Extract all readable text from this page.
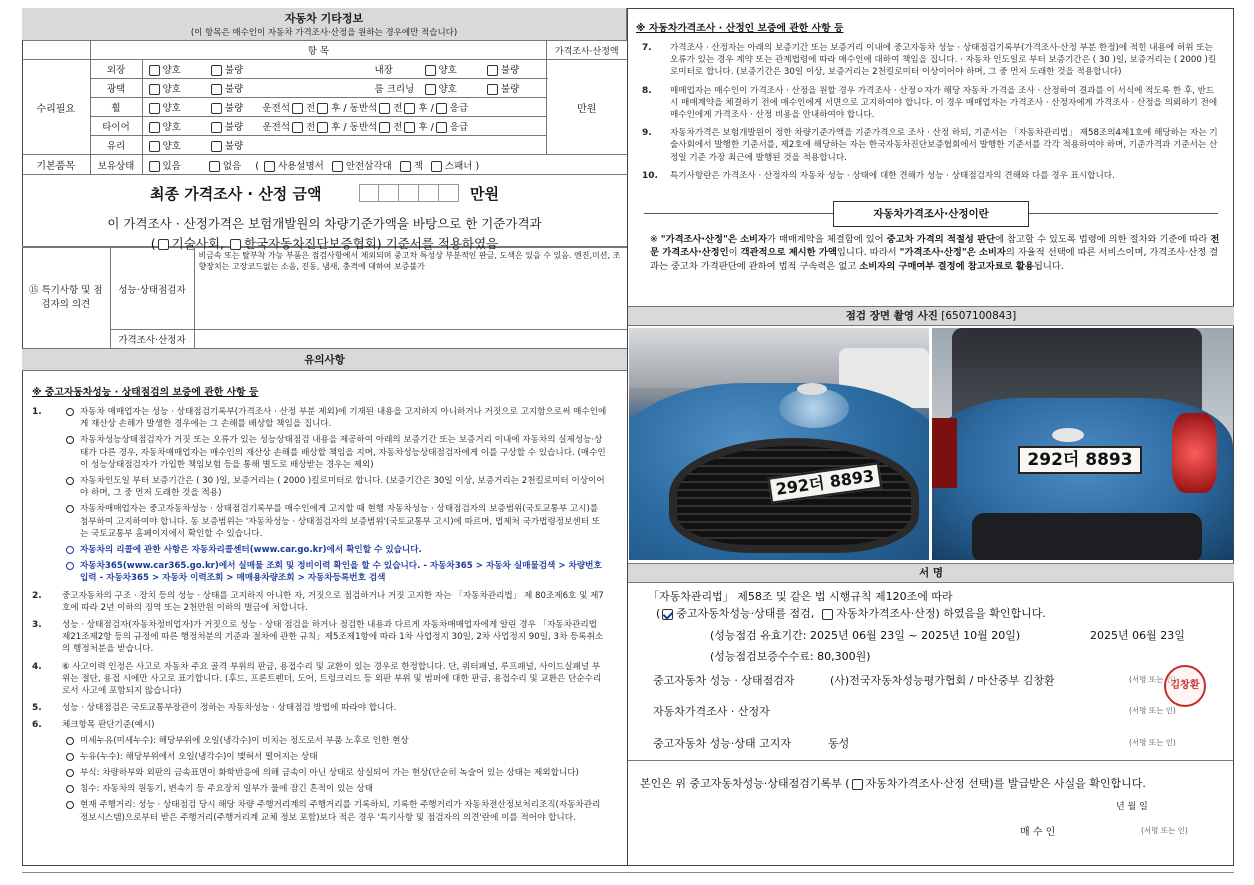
자동차 기타정보
(이 항목은 매수인이 자동차 가격조사·산정을 원하는 경우에만 적습니다)			

	항 목		가격조사·산정액
수리필요	외장	양호 불량 내장 양호 불량	만원
	광택	양호 불량 룸 크리닝 양호 불량	
	휠	양호 불량 운전석 전 후 / 동반석 전 후 / 응급	
	타이어	양호 불량 운전석 전 후 / 동반석 전 후 / 응급	
	유리	양호 불량	
기본품목	보유상태	있음 없음 ( 사용설명서 안전삼각대 잭 스패너 )	
최종 가격조사 · 산정 금액	만원
이 가격조사 · 산정가격은 보험개발원의 차량기준가액을 바탕으로 한 기준가격과
( 기술사회, 한국자동차진단보증협회) 기준서를 적용하였음
⑮ 특기사항 및 점검자의 의견	성능·상태점검자	비금속 또는 탈부착 가능 부품은 점검사항에서 제외되며 중고차 특성상 부분적인 판금, 도색은 있을 수 있음. 엔진,미션, 조향장치는 고장코드없는 소음, 진동, 냄새, 충격에 대하여 보증불가
	가격조사·산정자	
유의사항		
※ 중고자동차성능 · 상태점검의 보증에 관한 사항 등
1.	자동차 매매업자는 성능 · 상태점검기록부(가격조사 · 산정 부분 제외)에 기재된 내용을 고지하지 아니하거나 거짓으로 고지함으로써 매수인에게 재산상 손해가 발생한 경우에는 그 손해를 배상할 책임을 집니다.
자동차성능상태점검자가 거짓 또는 오류가 있는 성능상태점검 내용을 제공하여 아래의 보증기간 또는 보증거리 이내에 자동차의 실제성능·상태가 다른 경우, 자동차매매업자는 매수인의 재산상 손해를 배상할 책임을 지며, 자동차성능상태점검자에게 이를 구상할 수 있습니다. (매수인이 성능상태점검자가 가입한 책임보험 등을 통해 별도로 배상받는 경우는 제외)
자동차인도일 부터 보증기간은 ( 30 )일, 보증거리는 ( 2000 )킬로미터로 합니다. (보증기간은 30일 이상, 보증거리는 2천킬로미터 이상이어야 하며, 그 중 먼저 도래한 것을 적용)
자동차매매업자는 중고자동차성능 · 상태점검기록부를 매수인에게 고지할 때 현행 자동차성능 · 상태점검자의 보증범위(국토교통부 고시)를 첨부하여 고지하여야 합니다. 동 보증범위는 '자동차성능 · 상태점검자의 보증범위'(국토교통부 고시)에 따르며, 법제처 국가법령정보센터 또는 국토교통부 홈페이지에서 확인할 수 있습니다.
자동차의 리콜에 관한 사항은 자동차리콜센터(www.car.go.kr)에서 확인할 수 있습니다.
자동차365(www.car365.go.kr)에서 실매물 조회 및 정비이력 확인을 할 수 있습니다. - 자동차365 > 자동차 실매물검색 > 차량번호 입력 - 자동차365 > 자동차 이력조회 > 매매용차량조회 > 자동차등록번호 검색
2. 중고자동차의 구조 · 장치 등의 성능 · 상태를 고지하지 아니한 자, 거짓으로 점검하거나 거짓 고지한 자는 「자동차관리법」 제 80조제6호 및 제7호에 따라 2년 이하의 징역 또는 2천만원 이하의 벌금에 처합니다.
3. 성능 · 상태점검자(자동차정비업자)가 거짓으로 성능 · 상태 점검을 하거나 점검한 내용과 다르게 자동차매매업자에게 알린 경우 「자동차관리법 제21조제2항 등의 규정에 따른 행정처분의 기준과 절차에 관한 규칙」제5조제1항에 따라 1차 사업정지 30일, 2차 사업정지 90일, 3차 등록취소의 행정처분을 받습니다.
4. ⑥ 사고이력 인정은 사고로 자동차 주요 골격 부위의 판금, 용접수리 및 교환이 있는 경우로 한정합니다. 단, 쿼터패널, 루프패널, 사이드실패널 부위는 절단, 용접 시에만 사고로 표기합니다. (후드, 프론트펜더, 도어, 트렁크리드 등 외판 부위 및 범퍼에 대한 판금, 용접수리 및 교환은 단순수리로서 사고에 포함되지 않습니다)
5. 성능 · 상태점검은 국토교통부장관이 정하는 자동차성능 · 상태점검 방법에 따라야 합니다.
6. 체크항목 판단기준(예시)
미세누유(미세누수): 해당부위에 오일(냉각수)이 비치는 정도로서 부품 노후로 인한 현상
누유(누수): 해당부위에서 오일(냉각수)이 맺혀서 떨어지는 상태
부식: 차량하부와 외판의 금속표면이 화학반응에 의해 금속이 아닌 상태로 상실되어 가는 현상(단순히 녹슬어 있는 상태는 제외합니다)
침수: 자동차의 원동기, 변속기 등 주요장치 일부가 물에 잠긴 흔적이 있는 상태
현재 주행거리: 성능 · 상태점검 당시 해당 차량 주행거리계의 주행거리를 기록하되, 기록한 주행거리가 자동차전산정보처리조직(자동차관리정보시스템)으로부터 받은 주행거리(주행거리계 교체 정보 포함)보다 적은 경우 '특기사항 및 점검자의 의견'란에 이를 적어야 합니다.
※ 자동차가격조사 · 산정인 보증에 관한 사항 등
7. 가격조사 · 산정자는 아래의 보증기간 또는 보증거리 이내에 중고자동차 성능 · 상태점검기록부(가격조사·산정 부분 한정)에 적힌 내용에 허위 또는 오류가 있는 경우 계약 또는 관계법령에 따라 매수인에 대하여 책임을 집니다. · 자동차 인도일로 부터 보증기간은 ( 30 )일, 보증거리는 ( 2000 )킬로미터로 합니다. (보증기간은 30일 이상, 보증거리는 2천킬로미터 이상이어야 하며, 그 중 먼저 도래한 것을 적용합니다)
8. 매매업자는 매수인이 가격조사 · 산정을 원할 경우 가격조사 · 산정ㅇ자가 해당 자동차 가격을 조사 · 산정하여 결과를 이 서식에 적도록 한 후, 반드시 매매계약을 체결하기 전에 매수인에게 서면으로 고지하여야 합니다. 이 경우 매매업자는 가격조사 · 산정자에게 가격조사 · 산정을 의뢰하기 전에 매수인에게 가격조사 · 산정 비용을 안내하여야 합니다.
9. 자동차가격은 보험개발원이 정한 차량기준가액을 기준가격으로 조사 · 산정 하되, 기준서는 「자동차관리법」 제58조의4제1호에 해당하는 자는 기술사회에서 발행한 기준서를, 제2호에 해당하는 자는 한국자동차진단보증협회에서 발행한 기준서를 각각 적용하여야 하며, 기준가격과 기준서는 산정일 기준 가장 최근에 발행된 것을 적용합니다.
10. 특기사항란은 가격조사 · 산정자의 자동차 성능 · 상태에 대한 견해가 성능 · 상태점검자의 견해와 다를 경우 표시합니다.
자동차가격조사·산정이란
※ "가격조사·산정"은 소비자가 매매계약을 체결함에 있어 중고차 가격의 적절성 판단에 참고할 수 있도록 법령에 의한 절차와 기준에 따라 전문 가격조사·산정인이 객관적으로 제시한 가액입니다. 따라서 "가격조사·산정"은 소비자의 자율적 선택에 따른 서비스이며, 가격조사·산정 결과는 중고차 가격판단에 관하여 법적 구속력은 없고 소비자의 구매여부 결정에 참고자료로 활용됩니다.
점검 장면 촬영 사진 [6507100843]
292더 8893
292더 8893
서 명
「자동차관리법」 제58조 및 같은 법 시행규칙 제120조에 따라
( 중고자동차성능·상태를 점검, 자동차가격조사·산정) 하였음을 확인합니다.
(성능점검 유효기간: 2025년 06월 23일 ~ 2025년 10월 20일)	2025년 06월 23일
(성능점검보증수수료: 80,300원)
중고자동차 성능 · 상태점검자	(사)전국자동차성능평가협회 / 마산중부 김창환	(서명 또는 인)
김창환
자동차가격조사 · 산정자	(서명 또는 인)
중고자동차 성능·상태 고지자	동성	(서명 또는 인)
본인은 위 중고자동차성능·상태점검기록부 ( 자동차가격조사·산정 선택)를 발급받은 사실을 확인합니다.
년 월 일
매 수 인	(서명 또는 인)
